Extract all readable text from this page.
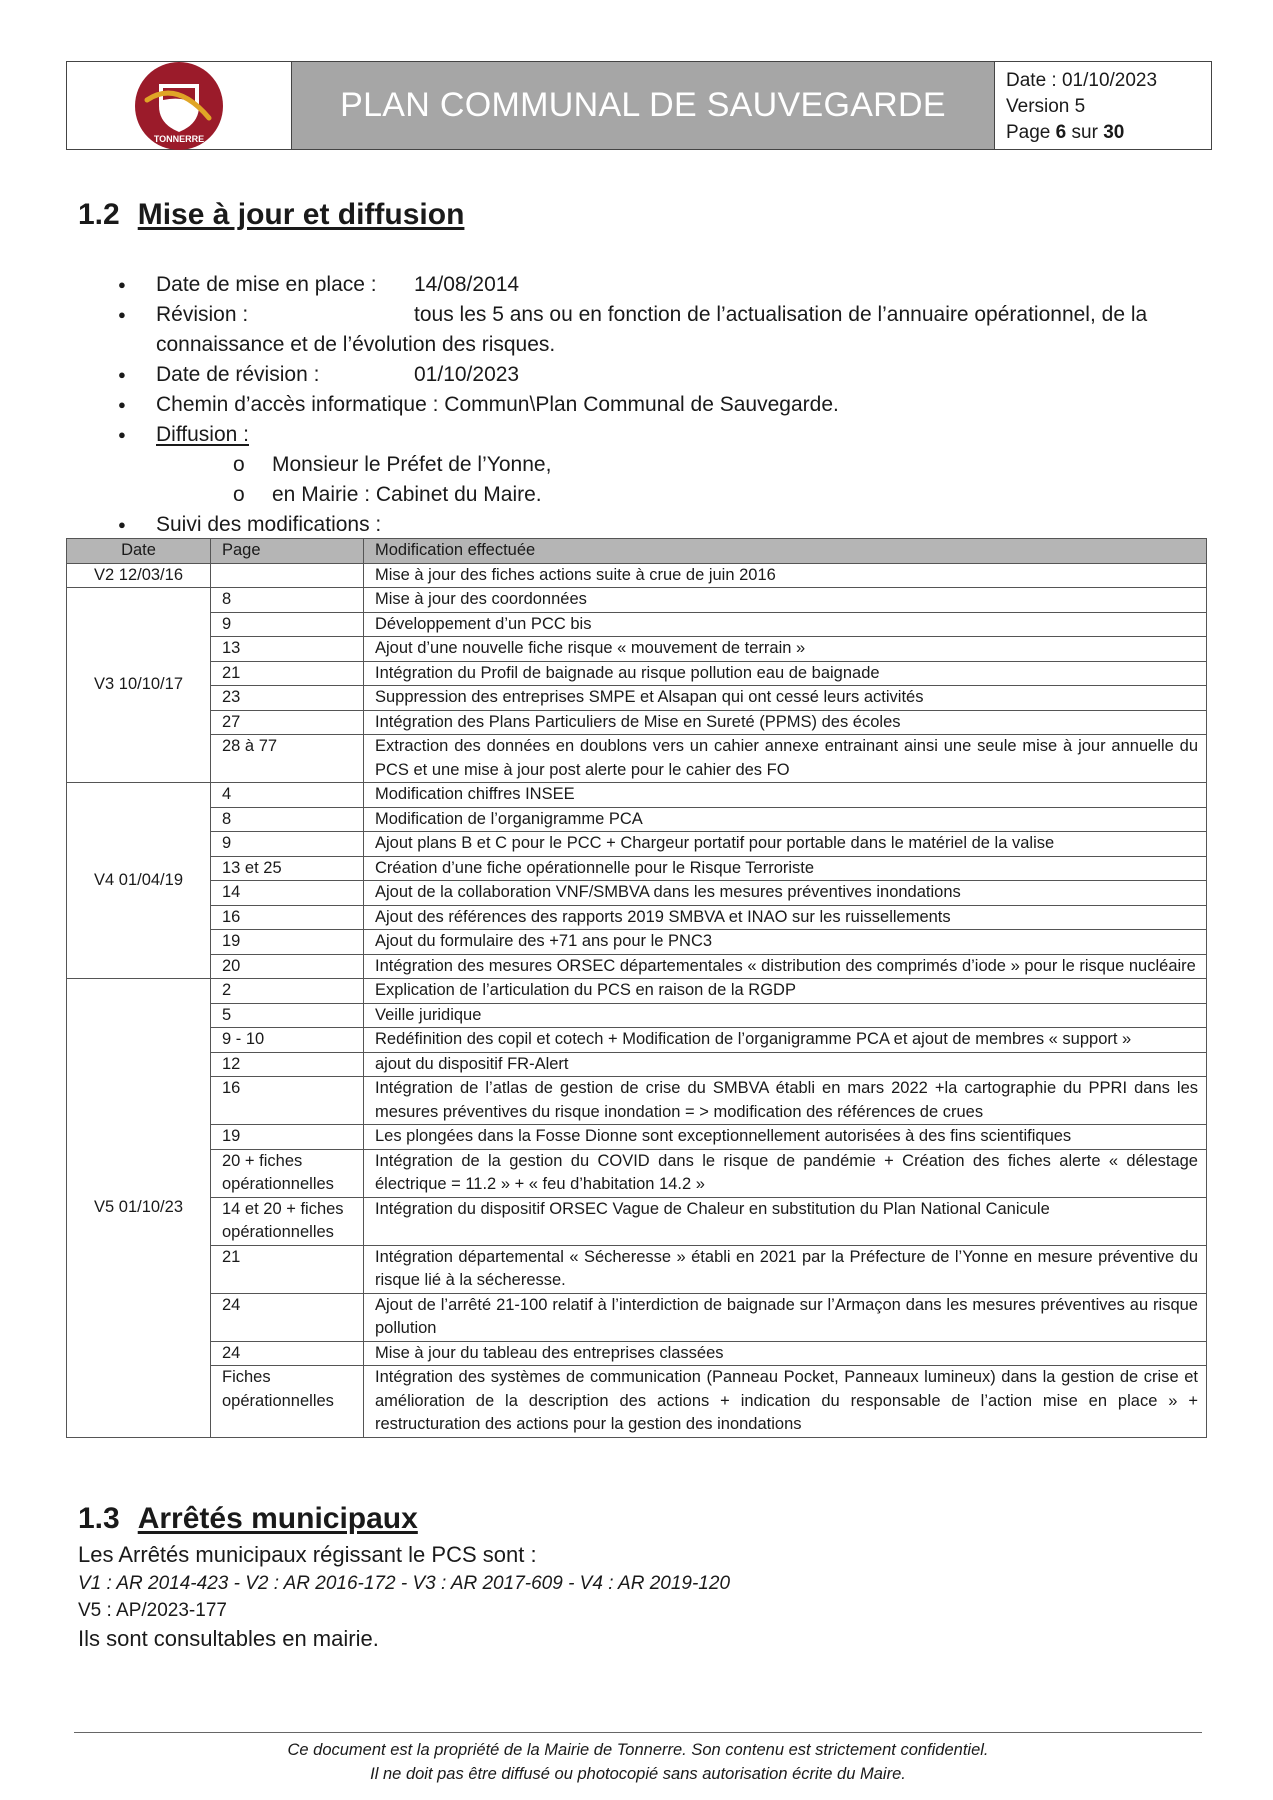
TONNERRE
PLAN COMMUNAL DE SAUVEGARDE
Date : 01/10/2023
Version 5
Page 6 sur 30
1.2 Mise à jour et diffusion
● Date de mise en place : 14/08/2014
● Révision :	tous les 5 ans ou en fonction de l’actualisation de l’annuaire opérationnel, de la
connaissance et de l’évolution des risques.
● Date de révision :	01/10/2023
● Chemin d’accès informatique : Commun\Plan Communal de Sauvegarde.
● Diffusion :
o Monsieur le Préfet de l’Yonne,
o en Mairie : Cabinet du Maire.
● Suivi des modifications :
Date	Page	Modification effectuée
V2 12/03/16		Mise à jour des fiches actions suite à crue de juin 2016
V3 10/10/17	8	Mise à jour des coordonnées
	9	Développement d’un PCC bis
	13	Ajout d’une nouvelle fiche risque « mouvement de terrain »
	21	Intégration du Profil de baignade au risque pollution eau de baignade
	23	Suppression des entreprises SMPE et Alsapan qui ont cessé leurs activités
	27	Intégration des Plans Particuliers de Mise en Sureté (PPMS) des écoles
	28 à 77	Extraction des données en doublons vers un cahier annexe entrainant ainsi une seule mise à jour annuelle du PCS et une mise à jour post alerte pour le cahier des FO
V4 01/04/19	4	Modification chiffres INSEE
	8	Modification de l’organigramme PCA
	9	Ajout plans B et C pour le PCC + Chargeur portatif pour portable dans le matériel de la valise
	13 et 25	Création d’une fiche opérationnelle pour le Risque Terroriste
	14	Ajout de la collaboration VNF/SMBVA dans les mesures préventives inondations
	16	Ajout des références des rapports 2019 SMBVA et INAO sur les ruissellements
	19	Ajout du formulaire des +71 ans pour le PNC3
	20	Intégration des mesures ORSEC départementales « distribution des comprimés d’iode » pour le risque nucléaire
V5 01/10/23	2	Explication de l’articulation du PCS en raison de la RGDP
	5	Veille juridique
	9 - 10	Redéfinition des copil et cotech + Modification de l’organigramme PCA et ajout de membres « support »
	12	ajout du dispositif FR-Alert
	16	Intégration de l’atlas de gestion de crise du SMBVA établi en mars 2022 +la cartographie du PPRI dans les mesures préventives du risque inondation = > modification des références de crues
	19	Les plongées dans la Fosse Dionne sont exceptionnellement autorisées à des fins scientifiques
	20 + fiches opérationnelles	Intégration de la gestion du COVID dans le risque de pandémie + Création des fiches alerte « délestage électrique = 11.2 » + « feu d’habitation 14.2 »
	14 et 20 + fiches opérationnelles	Intégration du dispositif ORSEC Vague de Chaleur en substitution du Plan National Canicule
	21	Intégration départemental « Sécheresse » établi en 2021 par la Préfecture de l’Yonne en mesure préventive du risque lié à la sécheresse.
	24	Ajout de l’arrêté 21-100 relatif à l’interdiction de baignade sur l’Armaçon dans les mesures préventives au risque pollution
	24	Mise à jour du tableau des entreprises classées
	Fiches opérationnelles	Intégration des systèmes de communication (Panneau Pocket, Panneaux lumineux) dans la gestion de crise et amélioration de la description des actions + indication du responsable de l’action mise en place » + restructuration des actions pour la gestion des inondations
1.3 Arrêtés municipaux
Les Arrêtés municipaux régissant le PCS sont :
V1 : AR 2014-423 - V2 : AR 2016-172 - V3 : AR 2017-609 - V4 : AR 2019-120
V5 : AP/2023-177
Ils sont consultables en mairie.
Ce document est la propriété de la Mairie de Tonnerre. Son contenu est strictement confidentiel.
Il ne doit pas être diffusé ou photocopié sans autorisation écrite du Maire.
